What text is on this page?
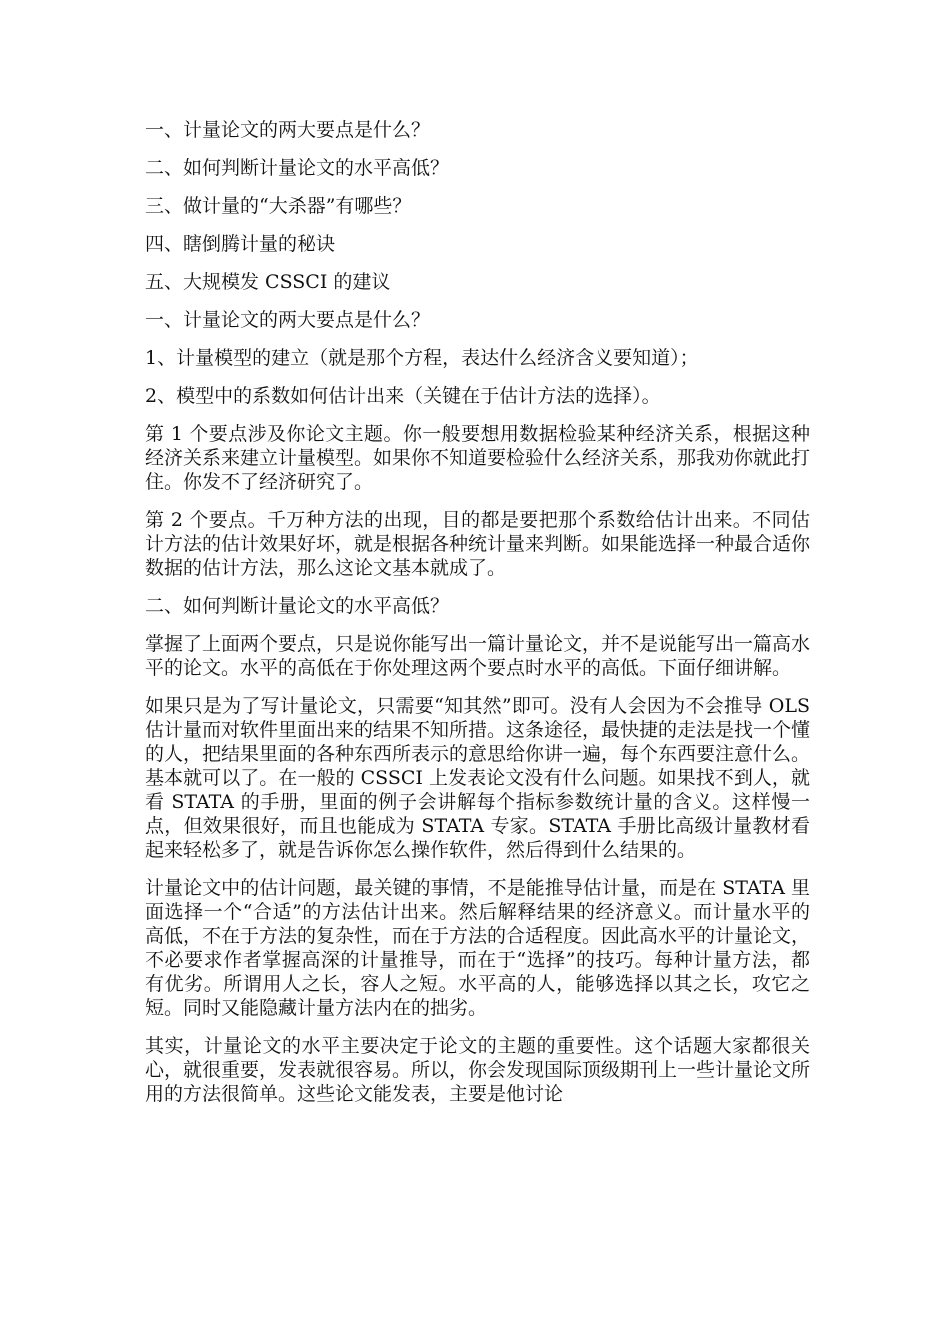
一、计量论文的两大要点是什么？
二、如何判断计量论文的水平高低？
三、做计量的“大杀器”有哪些？
四、瞎倒腾计量的秘诀
五、大规模发 CSSCI 的建议
一、计量论文的两大要点是什么？
1、计量模型的建立（就是那个方程，表达什么经济含义要知道）；
2、模型中的系数如何估计出来（关键在于估计方法的选择）。

第 1 个要点涉及你论文主题。你一般要想用数据检验某种经济关系，根据这种经济关系来建立计量模型。如果你不知道要检验什么经济关系，那我劝你就此打住。你发不了经济研究了。

第 2 个要点。千万种方法的出现，目的都是要把那个系数给估计出来。不同估计方法的估计效果好坏，就是根据各种统计量来判断。如果能选择一种最合适你数据的估计方法，那么这论文基本就成了。

二、如何判断计量论文的水平高低？

掌握了上面两个要点，只是说你能写出一篇计量论文，并不是说能写出一篇高水平的论文。水平的高低在于你处理这两个要点时水平的高低。下面仔细讲解。

如果只是为了写计量论文，只需要“知其然”即可。没有人会因为不会推导 OLS 估计量而对软件里面出来的结果不知所措。这条途径，最快捷的走法是找一个懂的人，把结果里面的各种东西所表示的意思给你讲一遍，每个东西要注意什么。基本就可以了。在一般的 CSSCI 上发表论文没有什么问题。如果找不到人，就看 STATA 的手册，里面的例子会讲解每个指标参数统计量的含义。这样慢一点，但效果很好，而且也能成为 STATA 专家。STATA 手册比高级计量教材看起来轻松多了，就是告诉你怎么操作软件，然后得到什么结果的。

计量论文中的估计问题，最关键的事情，不是能推导估计量，而是在 STATA 里面选择一个“合适”的方法估计出来。然后解释结果的经济意义。而计量水平的高低，不在于方法的复杂性，而在于方法的合适程度。因此高水平的计量论文，不必要求作者掌握高深的计量推导，而在于“选择”的技巧。每种计量方法，都有优劣。所谓用人之长，容人之短。水平高的人，能够选择以其之长，攻它之短。同时又能隐藏计量方法内在的拙劣。

其实，计量论文的水平主要决定于论文的主题的重要性。这个话题大家都很关心，就很重要，发表就很容易。所以，你会发现国际顶级期刊上一些计量论文所用的方法很简单。这些论文能发表，主要是他讨论
